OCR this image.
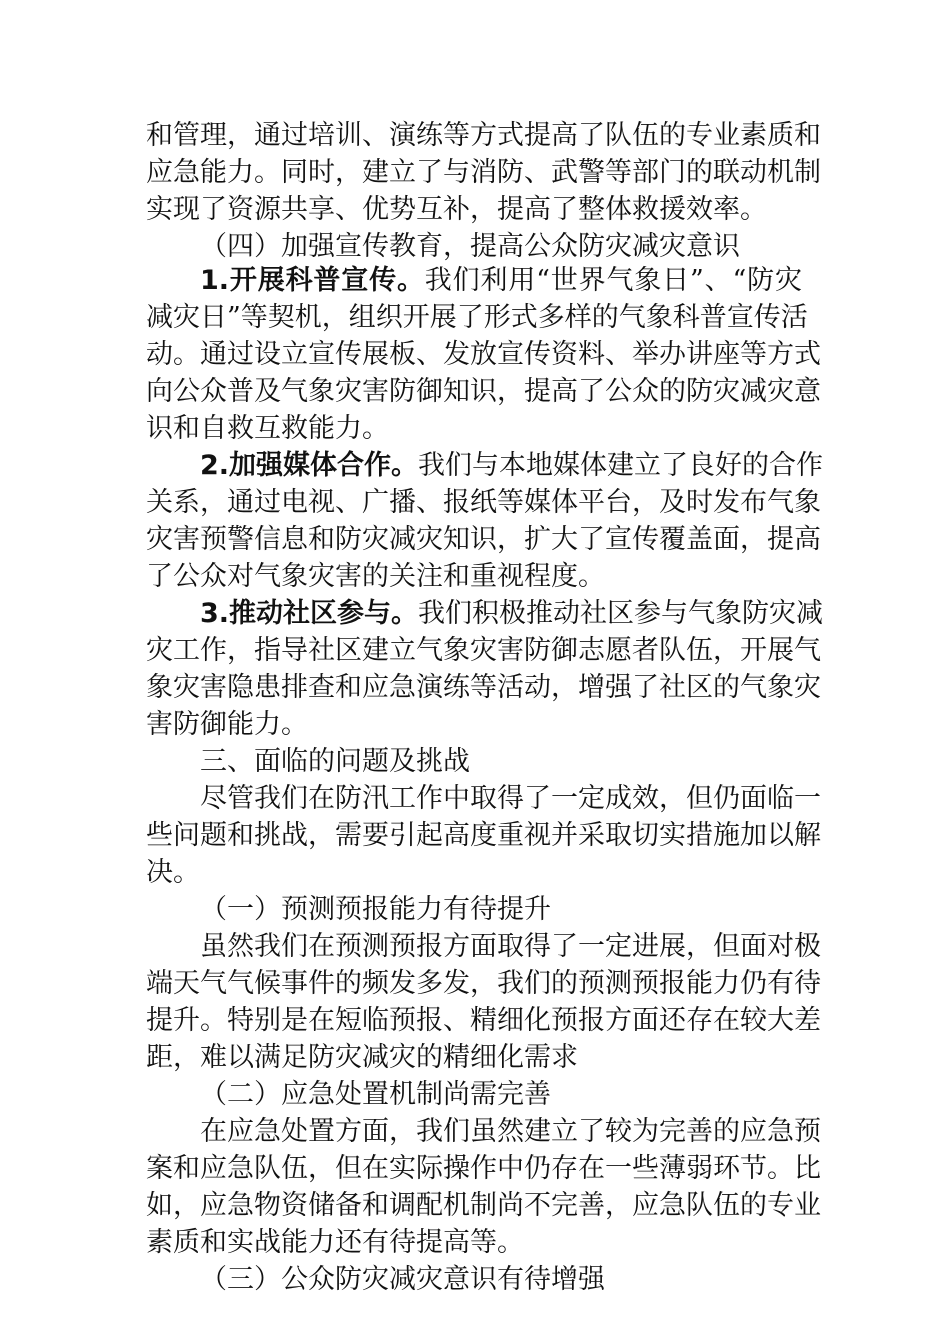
和管理，通过培训、演练等方式提高了队伍的专业素质和
应急能力。同时，建立了与消防、武警等部门的联动机制
实现了资源共享、优势互补，提高了整体救援效率。
（四）加强宣传教育，提高公众防灾减灾意识
1.开展科普宣传。我们利用“世界气象日”、“防灾
减灾日”等契机，组织开展了形式多样的气象科普宣传活
动。通过设立宣传展板、发放宣传资料、举办讲座等方式
向公众普及气象灾害防御知识，提高了公众的防灾减灾意
识和自救互救能力。
2.加强媒体合作。我们与本地媒体建立了良好的合作
关系，通过电视、广播、报纸等媒体平台，及时发布气象
灾害预警信息和防灾减灾知识，扩大了宣传覆盖面，提高
了公众对气象灾害的关注和重视程度。
3.推动社区参与。我们积极推动社区参与气象防灾减
灾工作，指导社区建立气象灾害防御志愿者队伍，开展气
象灾害隐患排查和应急演练等活动，增强了社区的气象灾
害防御能力。
三、面临的问题及挑战
尽管我们在防汛工作中取得了一定成效，但仍面临一
些问题和挑战，需要引起高度重视并采取切实措施加以解
决。
（一）预测预报能力有待提升
虽然我们在预测预报方面取得了一定进展，但面对极
端天气气候事件的频发多发，我们的预测预报能力仍有待
提升。特别是在短临预报、精细化预报方面还存在较大差
距，难以满足防灾减灾的精细化需求
（二）应急处置机制尚需完善
在应急处置方面，我们虽然建立了较为完善的应急预
案和应急队伍，但在实际操作中仍存在一些薄弱环节。比
如，应急物资储备和调配机制尚不完善，应急队伍的专业
素质和实战能力还有待提高等。
（三）公众防灾减灾意识有待增强
